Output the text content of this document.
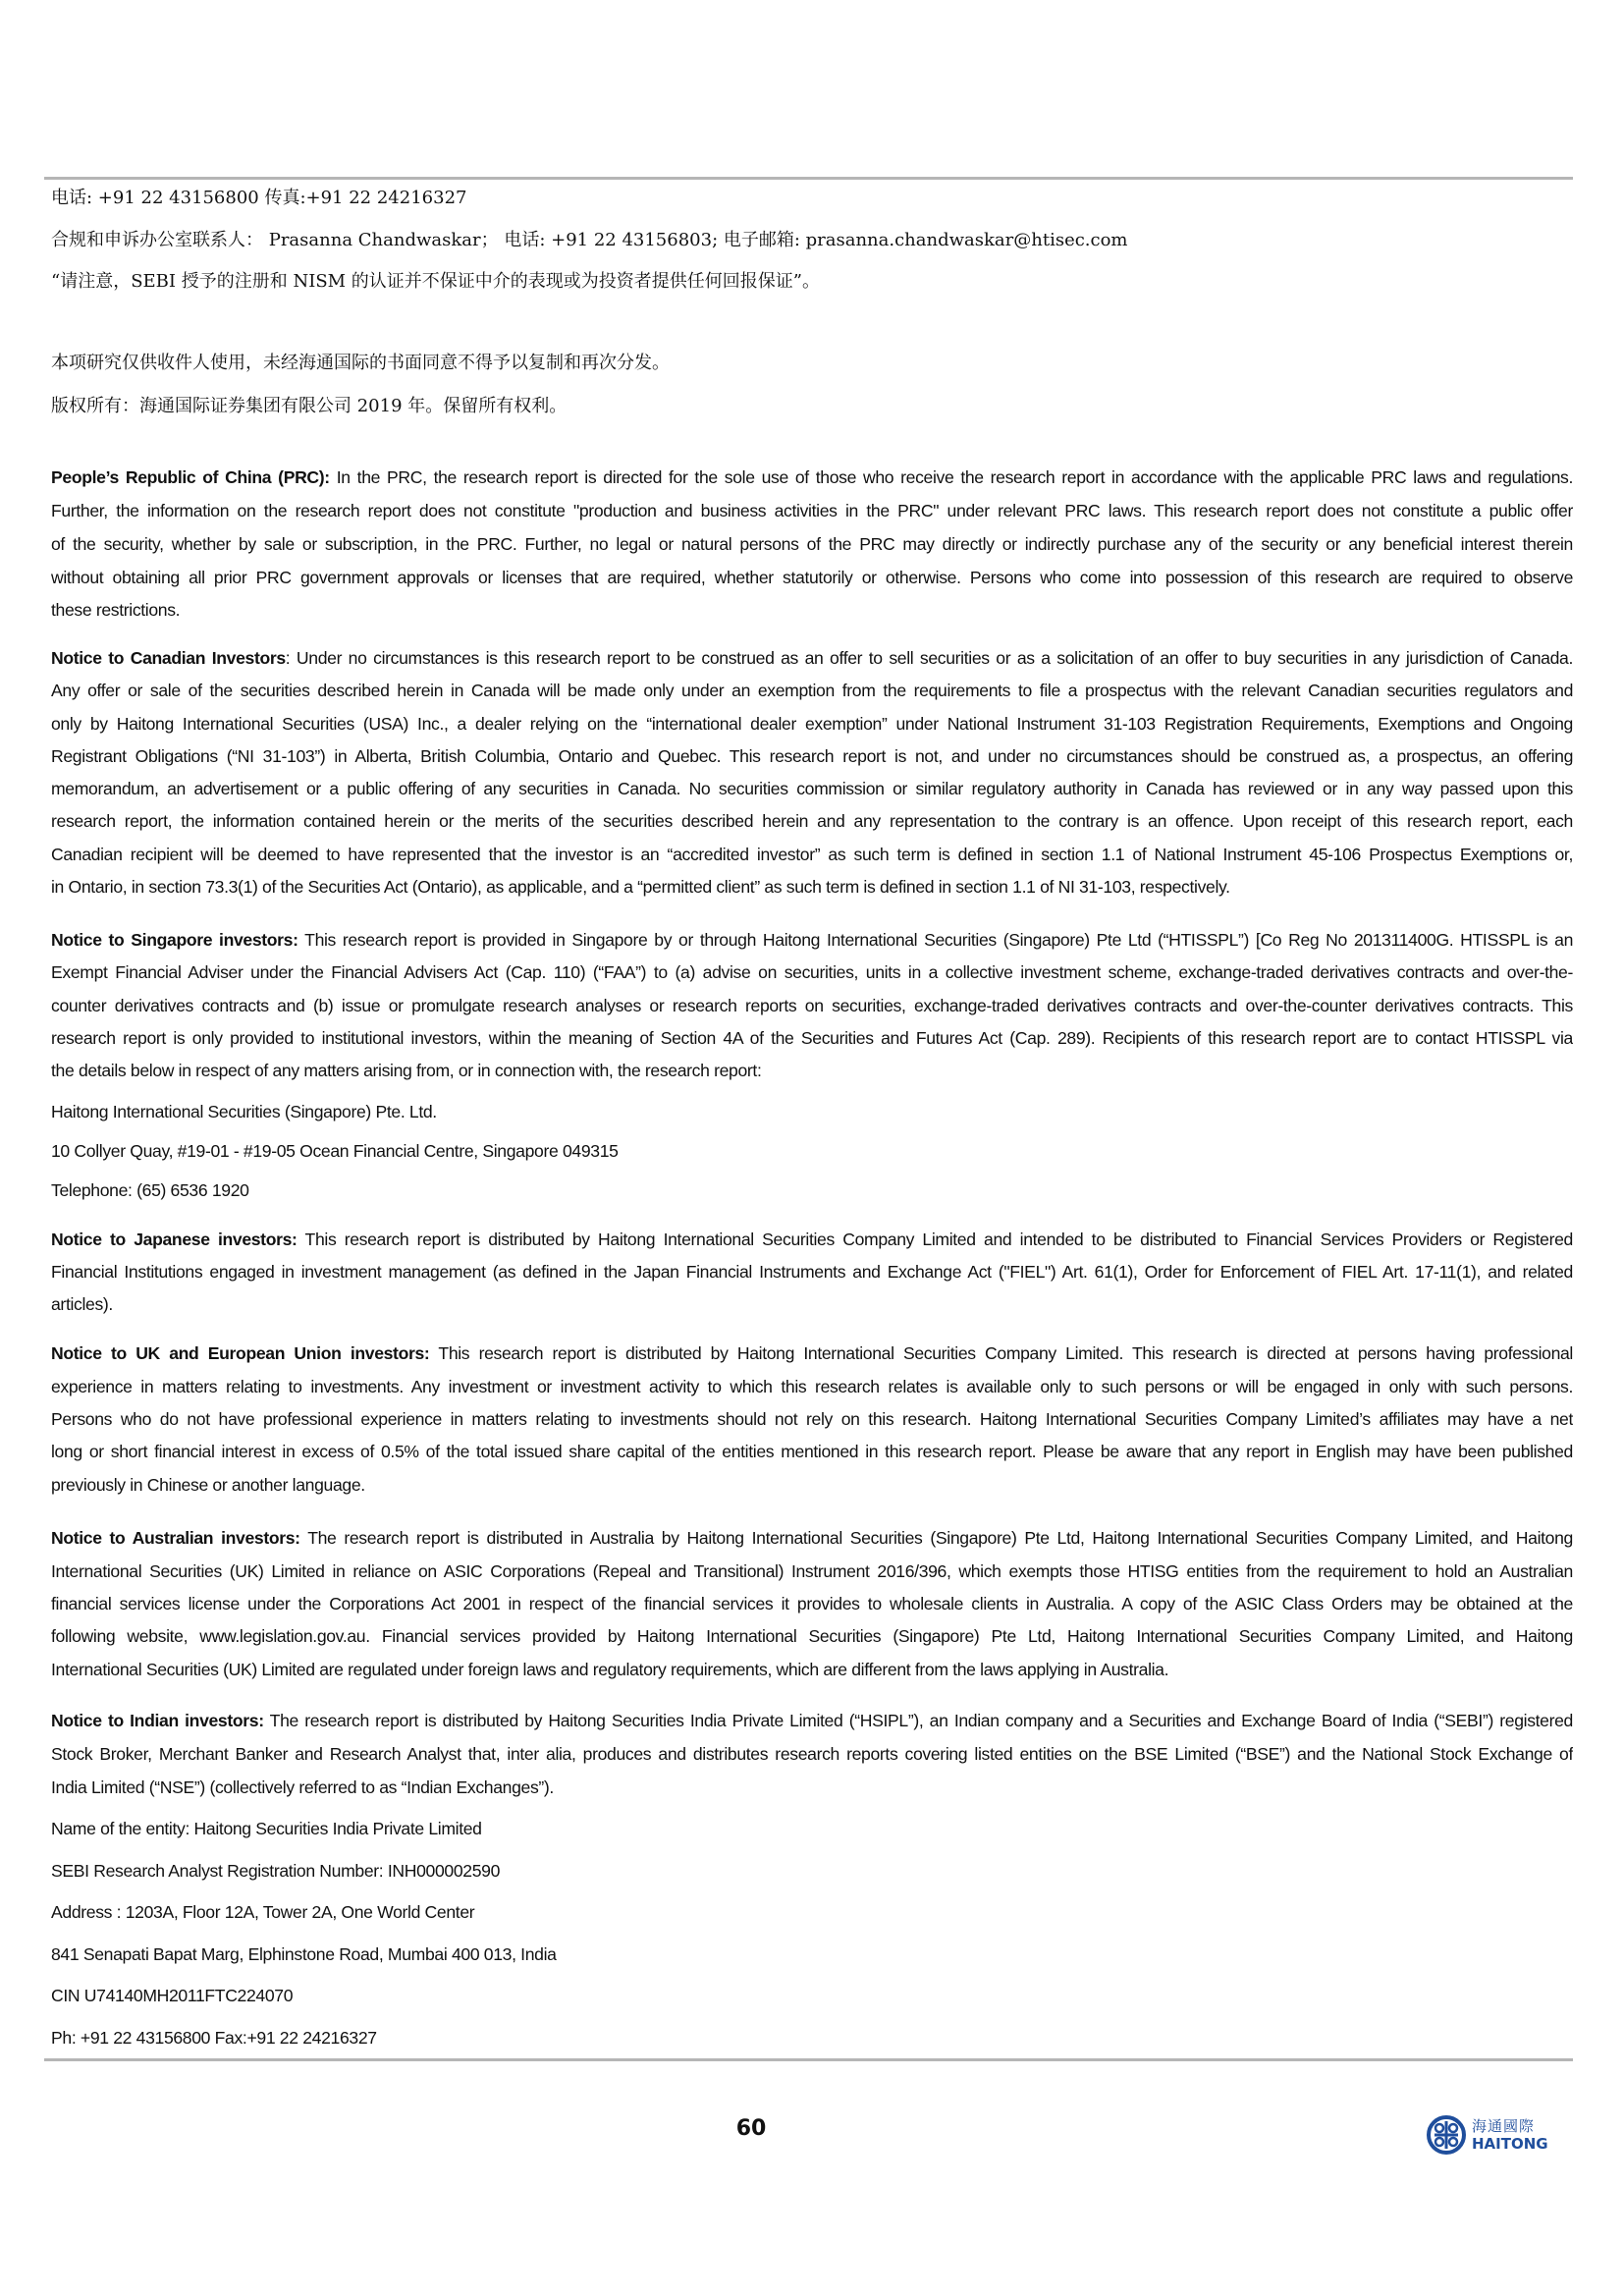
电话: +91 22 43156800 传真:+91 22 24216327
合规和申诉办公室联系人： Prasanna Chandwaskar； 电话: +91 22 43156803; 电子邮箱: prasanna.chandwaskar@htisec.com
“请注意，SEBI 授予的注册和 NISM 的认证并不保证中介的表现或为投资者提供任何回报保证”。
本项研究仅供收件人使用，未经海通国际的书面同意不得予以复制和再次分发。
版权所有：海通国际证券集团有限公司 2019 年。保留所有权利。
People’s Republic of China (PRC): In the PRC, the research report is directed for the sole use of those who receive the research report in accordance with the applicable PRC laws and regulations.
Further, the information on the research report does not constitute "production and business activities in the PRC" under relevant PRC laws. This research report does not constitute a public offer
of the security, whether by sale or subscription, in the PRC. Further, no legal or natural persons of the PRC may directly or indirectly purchase any of the security or any beneficial interest therein
without obtaining all prior PRC government approvals or licenses that are required, whether statutorily or otherwise. Persons who come into possession of this research are required to observe
these restrictions.
Notice to Canadian Investors: Under no circumstances is this research report to be construed as an offer to sell securities or as a solicitation of an offer to buy securities in any jurisdiction of Canada.
Any offer or sale of the securities described herein in Canada will be made only under an exemption from the requirements to file a prospectus with the relevant Canadian securities regulators and
only by Haitong International Securities (USA) Inc., a dealer relying on the “international dealer exemption” under National Instrument 31-103 Registration Requirements, Exemptions and Ongoing
Registrant Obligations (“NI 31-103”) in Alberta, British Columbia, Ontario and Quebec. This research report is not, and under no circumstances should be construed as, a prospectus, an offering
memorandum, an advertisement or a public offering of any securities in Canada. No securities commission or similar regulatory authority in Canada has reviewed or in any way passed upon this
research report, the information contained herein or the merits of the securities described herein and any representation to the contrary is an offence. Upon receipt of this research report, each
Canadian recipient will be deemed to have represented that the investor is an “accredited investor” as such term is defined in section 1.1 of National Instrument 45-106 Prospectus Exemptions or,
in Ontario, in section 73.3(1) of the Securities Act (Ontario), as applicable, and a “permitted client” as such term is defined in section 1.1 of NI 31-103, respectively.
Notice to Singapore investors: This research report is provided in Singapore by or through Haitong International Securities (Singapore) Pte Ltd (“HTISSPL”) [Co Reg No 201311400G. HTISSPL is an
Exempt Financial Adviser under the Financial Advisers Act (Cap. 110) (“FAA”) to (a) advise on securities, units in a collective investment scheme, exchange-traded derivatives contracts and over-the-
counter derivatives contracts and (b) issue or promulgate research analyses or research reports on securities, exchange-traded derivatives contracts and over-the-counter derivatives contracts. This
research report is only provided to institutional investors, within the meaning of Section 4A of the Securities and Futures Act (Cap. 289). Recipients of this research report are to contact HTISSPL via
the details below in respect of any matters arising from, or in connection with, the research report:
Haitong International Securities (Singapore) Pte. Ltd.
10 Collyer Quay, #19-01 - #19-05 Ocean Financial Centre, Singapore 049315
Telephone: (65) 6536 1920
Notice to Japanese investors: This research report is distributed by Haitong International Securities Company Limited and intended to be distributed to Financial Services Providers or Registered
Financial Institutions engaged in investment management (as defined in the Japan Financial Instruments and Exchange Act ("FIEL") Art. 61(1), Order for Enforcement of FIEL Art. 17-11(1), and related
articles).
Notice to UK and European Union investors: This research report is distributed by Haitong International Securities Company Limited. This research is directed at persons having professional
experience in matters relating to investments. Any investment or investment activity to which this research relates is available only to such persons or will be engaged in only with such persons.
Persons who do not have professional experience in matters relating to investments should not rely on this research. Haitong International Securities Company Limited’s affiliates may have a net
long or short financial interest in excess of 0.5% of the total issued share capital of the entities mentioned in this research report. Please be aware that any report in English may have been published
previously in Chinese or another language.
Notice to Australian investors: The research report is distributed in Australia by Haitong International Securities (Singapore) Pte Ltd, Haitong International Securities Company Limited, and Haitong
International Securities (UK) Limited in reliance on ASIC Corporations (Repeal and Transitional) Instrument 2016/396, which exempts those HTISG entities from the requirement to hold an Australian
financial services license under the Corporations Act 2001 in respect of the financial services it provides to wholesale clients in Australia. A copy of the ASIC Class Orders may be obtained at the
following website, www.legislation.gov.au. Financial services provided by Haitong International Securities (Singapore) Pte Ltd, Haitong International Securities Company Limited, and Haitong
International Securities (UK) Limited are regulated under foreign laws and regulatory requirements, which are different from the laws applying in Australia.
Notice to Indian investors: The research report is distributed by Haitong Securities India Private Limited (“HSIPL”), an Indian company and a Securities and Exchange Board of India (“SEBI”) registered
Stock Broker, Merchant Banker and Research Analyst that, inter alia, produces and distributes research reports covering listed entities on the BSE Limited (“BSE”) and the National Stock Exchange of
India Limited (“NSE”) (collectively referred to as “Indian Exchanges”).
Name of the entity: Haitong Securities India Private Limited
SEBI Research Analyst Registration Number: INH000002590
Address : 1203A, Floor 12A, Tower 2A, One World Center
841 Senapati Bapat Marg, Elphinstone Road, Mumbai 400 013, India
CIN U74140MH2011FTC224070
Ph: +91 22 43156800 Fax:+91 22 24216327
60	海通國際
HAITONG
